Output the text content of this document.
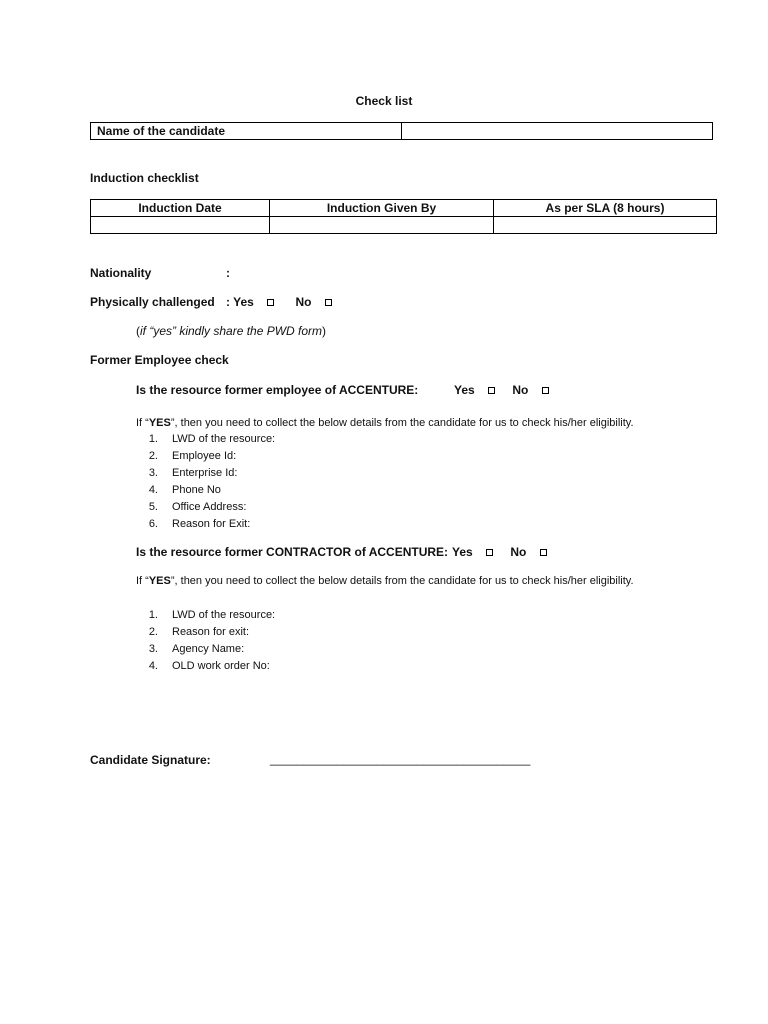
Check list
Name of the candidate	
Induction checklist
Induction Date	Induction Given By	As per SLA (8 hours)

Nationality	:
Physically challenged : Yes	No
(if “yes” kindly share the PWD form)
Former Employee check
Is the resource former employee of ACCENTURE:	Yes	No
If “YES”, then you need to collect the below details from the candidate for us to check his/her eligibility.
1. LWD of the resource:
2. Employee Id:
3. Enterprise Id:
4. Phone No
5. Office Address:
6. Reason for Exit:
Is the resource former CONTRACTOR of ACCENTURE: Yes	No
If “YES”, then you need to collect the below details from the candidate for us to check his/her eligibility.
1. LWD of the resource:
2. Reason for exit:
3. Agency Name:
4. OLD work order No:
Candidate Signature:	_______________________________________
